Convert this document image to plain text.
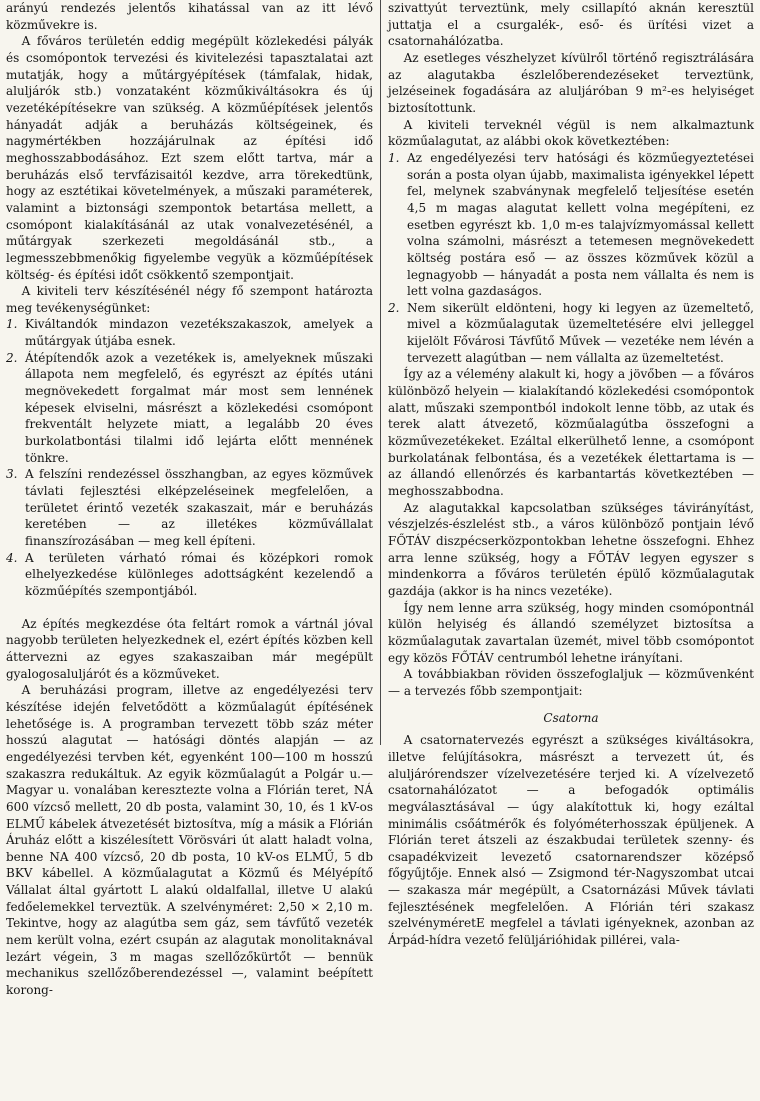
arányú rendezés jelentős kihatással van az itt lévő közművekre is.

A főváros területén eddig megépült közlekedési pályák és csomópontok tervezési és kivitelezési tapasztalatai azt mutatják, hogy a műtárgyépítések (támfalak, hidak, aluljárók stb.) vonzataként közműkiváltásokra és új vezetéképítésekre van szükség. A közműépítések jelentős hányadát adják a beruházás költségeinek, és nagymértékben hozzájárulnak az építési idő meghosszabbodásához. Ezt szem előtt tartva, már a beruházás első tervfázisaitól kezdve, arra törekedtünk, hogy az esztétikai követelmények, a műszaki paraméterek, valamint a biztonsági szempontok betartása mellett, a csomópont kialakításánál az utak vonalvezetésénél, a műtárgyak szerkezeti megoldásánál stb., a legmesszebbmenőkig figyelembe vegyük a közműépítések költség- és építési időt csökkentő szempontjait.

A kiviteli terv készítésénél négy fő szempont határozta meg tevékenységünket:

1. Kiváltandók mindazon vezetékszakaszok, amelyek a műtárgyak útjába esnek.
2. Átépítendők azok a vezetékek is, amelyeknek műszaki állapota nem megfelelő, és egyrészt az építés utáni megnövekedett forgalmat már most sem lennének képesek elviselni, másrészt a közlekedési csomópont frekventált helyzete miatt, a legalább 20 éves burkolatbontási tilalmi idő lejárta előtt mennének tönkre.
3. A felszíni rendezéssel összhangban, az egyes közművek távlati fejlesztési elképzeléseinek megfelelően, a területet érintő vezeték szakaszait, már e beruházás keretében — az illetékes közművállalat finanszírozásában — meg kell építeni.
4. A területen várható római és középkori romok elhelyezkedése különleges adottságként kezelendő a közműépítés szempontjából.

Az építés megkezdése óta feltárt romok a vártnál jóval nagyobb területen helyezkednek el, ezért építés közben kell áttervezni az egyes szakaszaiban már megépült gyalogosaluljárót és a közműveket.

A beruházási program, illetve az engedélyezési terv készítése idején felvetődött a közműalagút építésének lehetősége is. A programban tervezett több száz méter hosszú alagutat — hatósági döntés alapján — az engedélyezési tervben két, egyenként 100—100 m hosszú szakaszra redukáltuk. Az egyik közműalagút a Polgár u.—Magyar u. vonalában keresztezte volna a Flórián teret, NÁ 600 vízcső mellett, 20 db posta, valamint 30, 10, és 1 kV-os ELMŰ kábelek átvezetését biztosítva, míg a másik a Flórián Áruház előtt a kiszélesített Vörösvári út alatt haladt volna, benne NA 400 vízcső, 20 db posta, 10 kV-os ELMŰ, 5 db BKV kábellel. A közműalagutat a Közmű és Mélyépítő Vállalat által gyártott L alakú oldalfallal, illetve U alakú fedőelemekkel terveztük. A szelvényméret: 2,50 × 2,10 m. Tekintve, hogy az alagútba sem gáz, sem távfűtő vezeték nem került volna, ezért csupán az alagutak monolitaknával lezárt végein, 3 m magas szellőzőkürtőt — bennük mechanikus szellőzőberendezéssel —, valamint beépített korong-

szivattyút terveztünk, mely csillapító aknán keresztül juttatja el a csurgalék-, eső- és ürítési vizet a csatornahálózatba.

Az esetleges vészhelyzet kívülről történő regisztrálására az alagutakba észlelőberendezéseket terveztünk, jelzéseinek fogadására az aluljáróban 9 m²-es helyiséget biztosítottunk.

A kiviteli terveknél végül is nem alkalmaztunk közműalagutat, az alábbi okok következtében:

1. Az engedélyezési terv hatósági és közműegyeztetései során a posta olyan újabb, maximalista igényekkel lépett fel, melynek szabványnak megfelelő teljesítése esetén 4,5 m magas alagutat kellett volna megépíteni, ez esetben egyrészt kb. 1,0 m-es talajvízmyomással kellett volna számolni, másrészt a tetemesen megnövekedett költség postára eső — az összes közművek közül a legnagyobb — hányadát a posta nem vállalta és nem is lett volna gazdaságos.
2. Nem sikerült eldönteni, hogy ki legyen az üzemeltető, mivel a közműalagutak üzemeltetésére elvi jelleggel kijelölt Fővárosi Távfűtő Művek — vezetéke nem lévén a tervezett alagútban — nem vállalta az üzemeltetést.

Így az a vélemény alakult ki, hogy a jövőben — a főváros különböző helyein — kialakítandó közlekedési csomópontok alatt, műszaki szempontból indokolt lenne több, az utak és terek alatt átvezető, közműalagútba összefogni a közművezetékeket. Ezáltal elkerülhető lenne, a csomópont burkolatának felbontása, és a vezetékek élettartama is — az állandó ellenőrzés és karbantartás következtében — meghosszabbodna.

Az alagutakkal kapcsolatban szükséges távirányítást, vészjelzés-észlelést stb., a város különböző pontjain lévő FŐTÁV diszpécserközpontokban lehetne összefogni. Ehhez arra lenne szükség, hogy a FŐTÁV legyen egyszer s mindenkorra a főváros területén épülő közműalagutak gazdája (akkor is ha nincs vezetéke).

Így nem lenne arra szükség, hogy minden csomópontnál külön helyiség és állandó személyzet biztosítsa a közműalagutak zavartalan üzemét, mivel több csomópontot egy közös FŐTÁV centrumból lehetne irányítani.

A továbbiakban röviden összefoglaljuk — közművenként — a tervezés főbb szempontjait:

Csatorna

A csatornatervezés egyrészt a szükséges kiváltásokra, illetve felújításokra, másrészt a tervezett út, és aluljárórendszer vízelvezetésére terjed ki. A vízelvezető csatornahálózatot — a befogadók optimális megválasztásával — úgy alakítottuk ki, hogy ezáltal minimális csőátmérők és folyóméterhosszak épüljenek. A Flórián teret átszeli az északbudai területek szenny- és csapadékvizeit levezető csatornarendszer középső főgyűjtője. Ennek alsó — Zsigmond tér-Nagyszombat utcai — szakasza már megépült, a Csatornázási Művek távlati fejlesztésének megfelelően. A Flórián téri szakasz szelvényméretE megfelel a távlati igényeknek, azonban az Árpád-hídra vezető felüljárióhidak pillérei, vala-
